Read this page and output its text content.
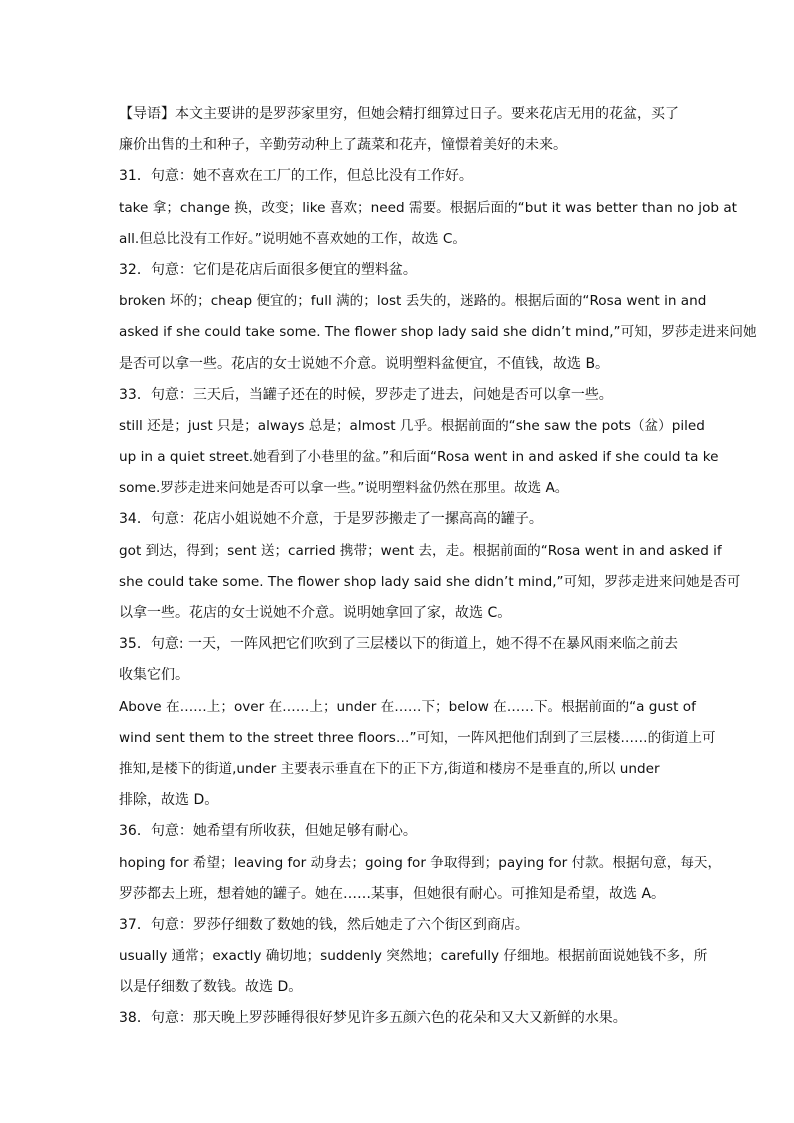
【导语】本文主要讲的是罗莎家里穷，但她会精打细算过日子。要来花店无用的花盆，买了
廉价出售的土和种子，辛勤劳动种上了蔬菜和花卉，憧憬着美好的未来。
31．句意：她不喜欢在工厂的工作，但总比没有工作好。
take 拿；change 换，改变；like 喜欢；need 需要。根据后面的“but it was better than no job at
all.但总比没有工作好。”说明她不喜欢她的工作，故选 C。
32．句意：它们是花店后面很多便宜的塑料盆。
broken 坏的；cheap 便宜的；full 满的；lost 丢失的，迷路的。根据后面的“Rosa went in and
asked if she could take some. The flower shop lady said she didn’t mind,”可知，罗莎走进来问她
是否可以拿一些。花店的女士说她不介意。说明塑料盆便宜，不值钱，故选 B。
33．句意：三天后，当罐子还在的时候，罗莎走了进去，问她是否可以拿一些。
still 还是；just 只是；always 总是；almost 几乎。根据前面的“she saw the pots（盆）piled
up in a quiet street.她看到了小巷里的盆。”和后面“Rosa went in and asked if she could ta ke
some.罗莎走进来问她是否可以拿一些。”说明塑料盆仍然在那里。故选 A。
34．句意：花店小姐说她不介意，于是罗莎搬走了一摞高高的罐子。
got 到达，得到；sent 送；carried 携带；went 去，走。根据前面的“Rosa went in and asked if
she could take some. The flower shop lady said she didn’t mind,”可知，罗莎走进来问她是否可
以拿一些。花店的女士说她不介意。说明她拿回了家，故选 C。
35．句意: 一天，一阵风把它们吹到了三层楼以下的街道上，她不得不在暴风雨来临之前去
收集它们。
Above 在……上；over 在……上；under 在……下；below 在……下。根据前面的“a gust of
wind sent them to the street three floors…”可知，一阵风把他们刮到了三层楼……的街道上可
推知,是楼下的街道,under 主要表示垂直在下的正下方,街道和楼房不是垂直的,所以 under
排除，故选 D。
36．句意：她希望有所收获，但她足够有耐心。
hoping for 希望；leaving for 动身去；going for 争取得到；paying for 付款。根据句意，每天，
罗莎都去上班，想着她的罐子。她在……某事，但她很有耐心。可推知是希望，故选 A。
37．句意：罗莎仔细数了数她的钱，然后她走了六个街区到商店。
usually 通常；exactly 确切地；suddenly 突然地；carefully 仔细地。根据前面说她钱不多，所
以是仔细数了数钱。故选 D。
38．句意：那天晚上罗莎睡得很好梦见许多五颜六色的花朵和又大又新鲜的水果。
